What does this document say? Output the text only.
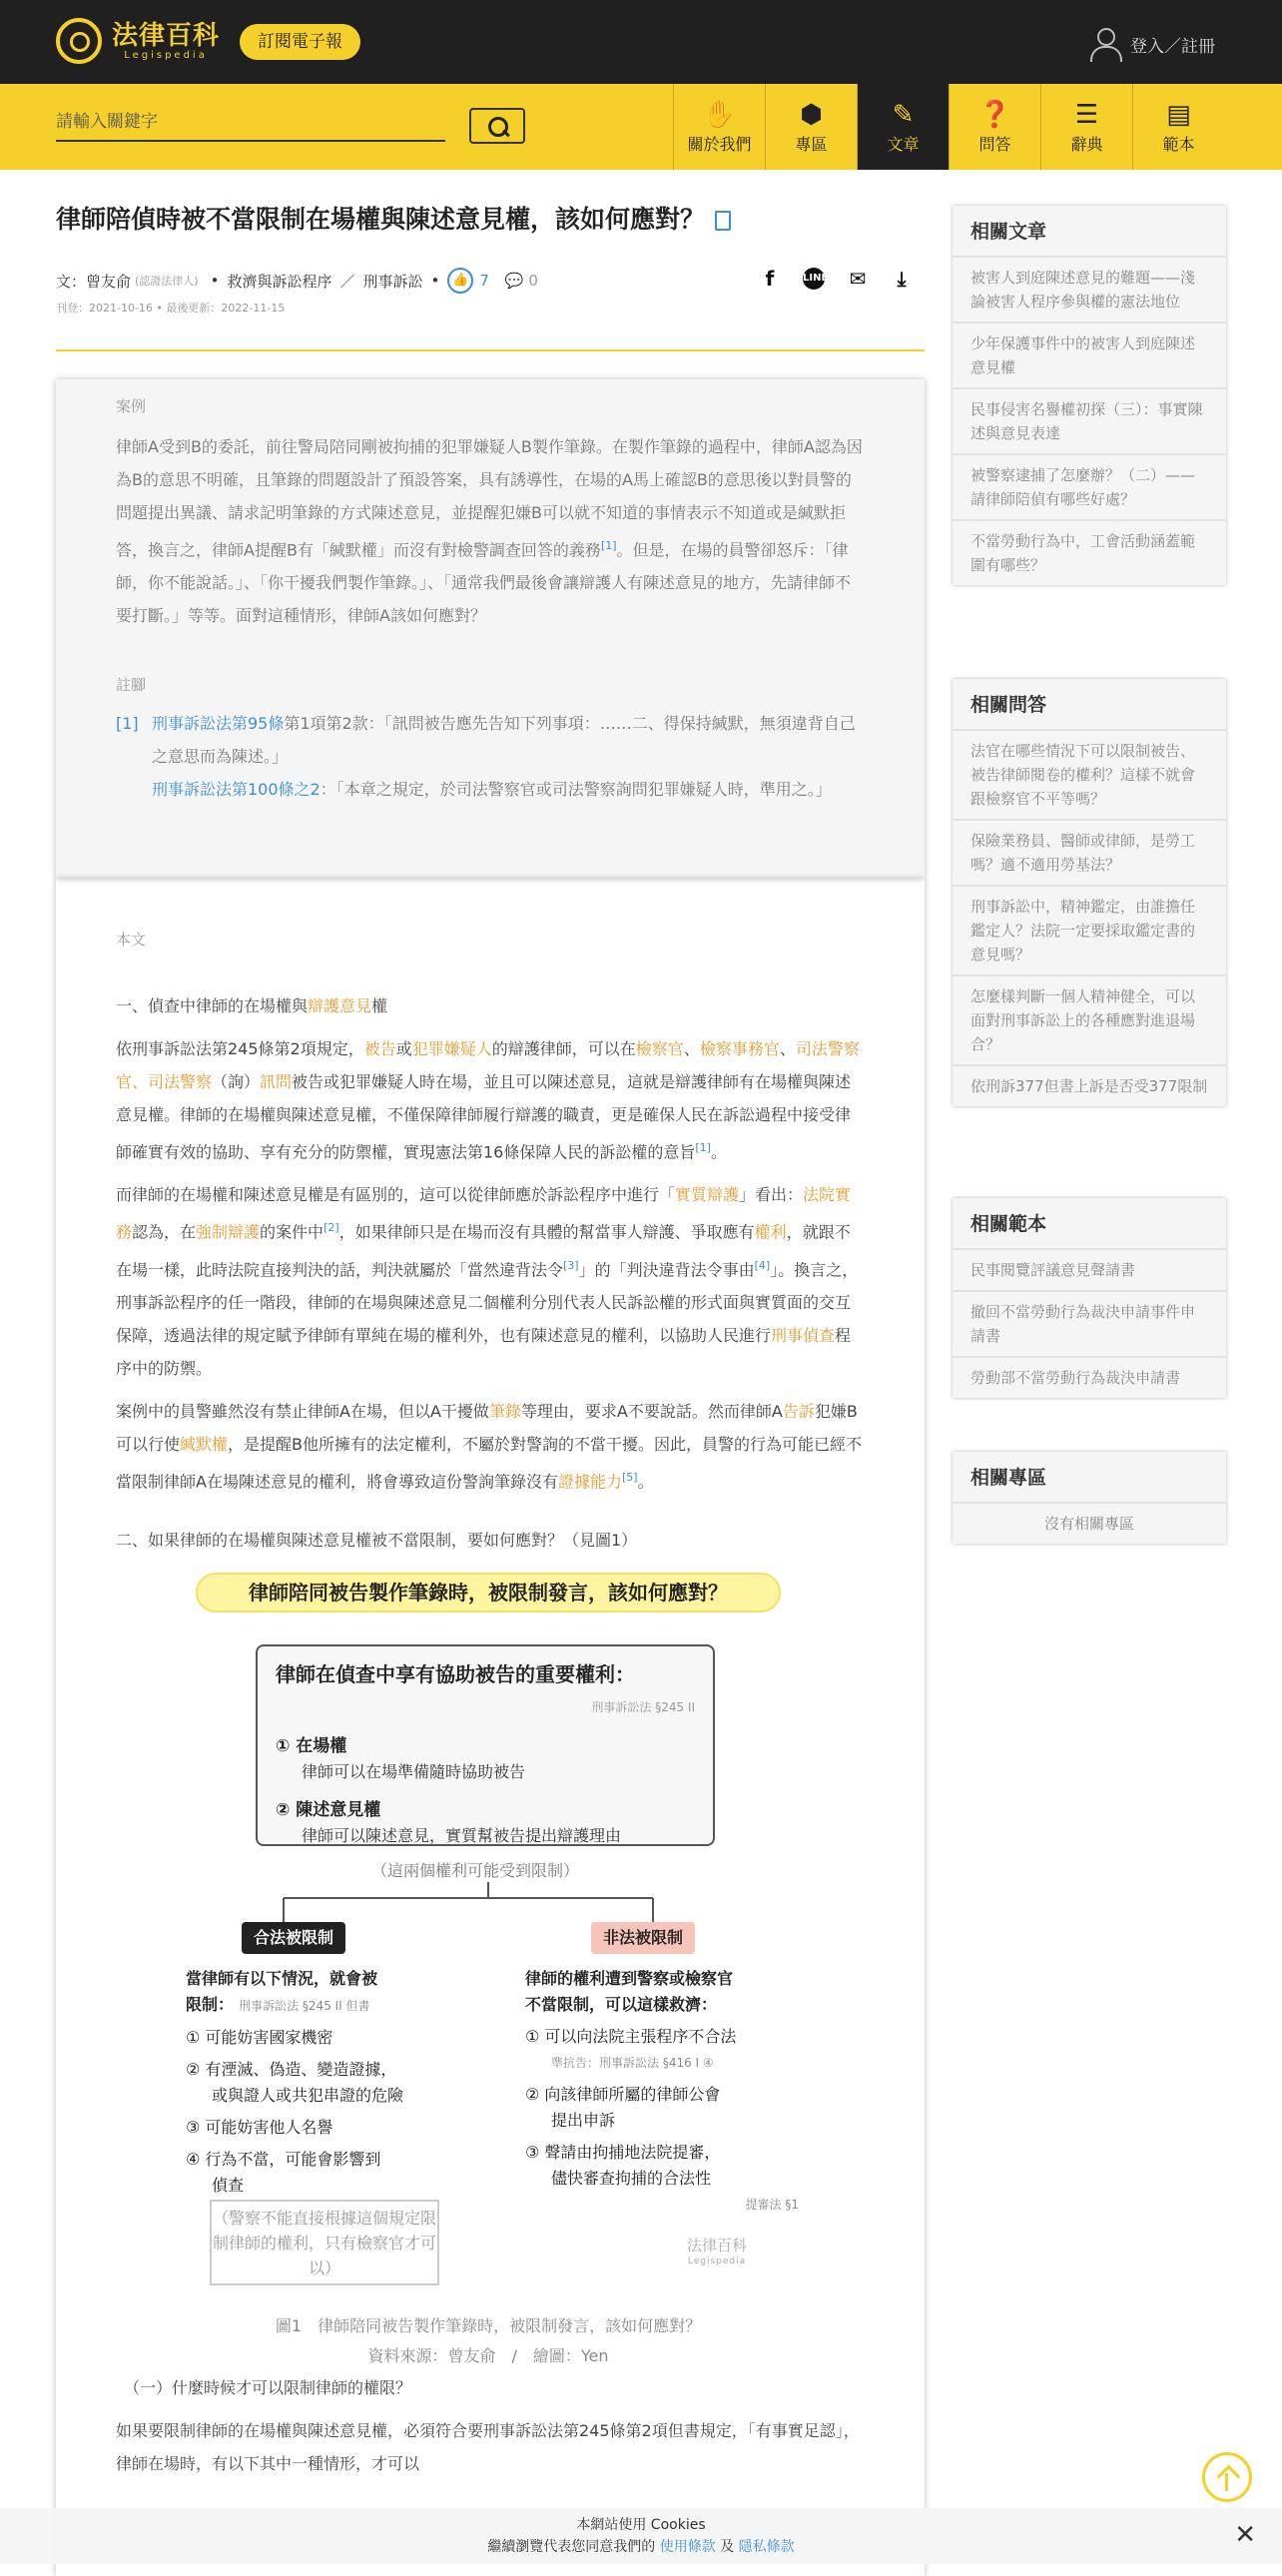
法律百科
Legispedia
訂閱電子報	登入／註冊
請輸入關鍵字
✋
關於我們
⬢
專區
✎
文章
❓
問答
☰
辭典
▤
範本
律師陪偵時被不當限制在場權與陳述意見權，該如何應對？
文：曾友俞 (認證法律人) • 救濟與訴訟程序 ／ 刑事訴訟 • 👍 7 💬 0	f	LINE ✉	⤓
刊登：2021-10-16 • 最後更新：2022-11-15
案例
律師A受到B的委託，前往警局陪同剛被拘捕的犯罪嫌疑人B製作筆錄。在製作筆錄的過程中，律師A認為因為B的意思不明確，且筆錄的問題設計了預設答案，具有誘導性，在場的A馬上確認B的意思後以對員警的問題提出異議、請求記明筆錄的方式陳述意見，並提醒犯嫌B可以就不知道的事情表示不知道或是緘默拒答，換言之，律師A提醒B有「緘默權」而沒有對檢警調查回答的義務[1]。但是，在場的員警卻怒斥：「律師，你不能說話。」、「你干擾我們製作筆錄。」、「通常我們最後會讓辯護人有陳述意見的地方，先請律師不要打斷。」等等。面對這種情形，律師A該如何應對？
註腳
[1] 刑事訴訟法第95條第1項第2款：「訊問被告應先告知下列事項：……二、得保持緘默，無須違背自己之意思而為陳述。」
刑事訴訟法第100條之2：「本章之規定，於司法警察官或司法警察詢問犯罪嫌疑人時，準用之。」
本文

一、偵查中律師的在場權與辯護意見權

依刑事訴訟法第245條第2項規定，被告或犯罪嫌疑人的辯護律師，可以在檢察官、檢察事務官、司法警察官、司法警察（詢）訊問被告或犯罪嫌疑人時在場，並且可以陳述意見，這就是辯護律師有在場權與陳述意見權。律師的在場權與陳述意見權，不僅保障律師履行辯護的職責，更是確保人民在訴訟過程中接受律師確實有效的協助、享有充分的防禦權，實現憲法第16條保障人民的訴訟權的意旨[1]。

而律師的在場權和陳述意見權是有區別的，這可以從律師應於訴訟程序中進行「實質辯護」看出：法院實務認為，在強制辯護的案件中[2]，如果律師只是在場而沒有具體的幫當事人辯護、爭取應有權利，就跟不在場一樣，此時法院直接判決的話，判決就屬於「當然違背法令[3]」的「判決違背法令事由[4]」。換言之，刑事訴訟程序的任一階段，律師的在場與陳述意見二個權利分別代表人民訴訟權的形式面與實質面的交互保障，透過法律的規定賦予律師有單純在場的權利外，也有陳述意見的權利，以協助人民進行刑事偵查程序中的防禦。

案例中的員警雖然沒有禁止律師A在場，但以A干擾做筆錄等理由，要求A不要說話。然而律師A告訴犯嫌B可以行使緘默權，是提醒B他所擁有的法定權利，不屬於對警詢的不當干擾。因此，員警的行為可能已經不當限制律師A在場陳述意見的權利，將會導致這份警詢筆錄沒有證據能力[5]。

二、如果律師的在場權與陳述意見權被不當限制，要如何應對？（見圖1）

律師陪同被告製作筆錄時，被限制發言，該如何應對？
律師在偵查中享有協助被告的重要權利：
刑事訴訟法 §245 II
① 在場權
律師可以在場準備隨時協助被告
② 陳述意見權
律師可以陳述意見，實質幫被告提出辯護理由
（這兩個權利可能受到限制）
合法被限制	非法被限制
當律師有以下情況，就會被
限制： 刑事訴訟法 §245 II 但書
① 可能妨害國家機密
② 有湮滅、偽造、變造證據，
或與證人或共犯串證的危險
③ 可能妨害他人名譽
④ 行為不當，可能會影響到
偵查
（警察不能直接根據這個規定限制律師的權利，只有檢察官才可以）
律師的權利遭到警察或檢察官
不當限制，可以這樣救濟：
① 可以向法院主張程序不合法
準抗告：刑事訴訟法 §416 I ④
② 向該律師所屬的律師公會
提出申訴
③ 聲請由拘捕地法院提審，
儘快審查拘捕的合法性
提審法 §1
法律百科
Legispedia
圖1　律師陪同被告製作筆錄時，被限制發言，該如何應對？
資料來源：曾友俞　/　繪圖：Yen

（一）什麼時候才可以限制律師的權限？

如果要限制律師的在場權與陳述意見權，必須符合要刑事訴訟法第245條第2項但書規定，「有事實足認」，律師在場時，有以下其中一種情形，才可以

相關文章
被害人到庭陳述意見的難題——淺論被害人程序參與權的憲法地位
少年保護事件中的被害人到庭陳述意見權
民事侵害名譽權初探（三）：事實陳述與意見表達
被警察逮捕了怎麼辦？（二）——請律師陪偵有哪些好處？
不當勞動行為中，工會活動涵蓋範圍有哪些？
相關問答
法官在哪些情況下可以限制被告、被告律師閱卷的權利？這樣不就會跟檢察官不平等嗎？
保險業務員、醫師或律師，是勞工嗎？適不適用勞基法？
刑事訴訟中，精神鑑定，由誰擔任鑑定人？法院一定要採取鑑定書的意見嗎？
怎麼樣判斷一個人精神健全，可以面對刑事訴訟上的各種應對進退場合？
依刑訴377但書上訴是否受377限制
相關範本
民事閱覽評議意見聲請書
撤回不當勞動行為裁決申請事件申請書
勞動部不當勞動行為裁決申請書
相關專區
沒有相關專區
本網站使用 Cookies
繼續瀏覽代表您同意我們的 使用條款 及 隱私條款	✕
